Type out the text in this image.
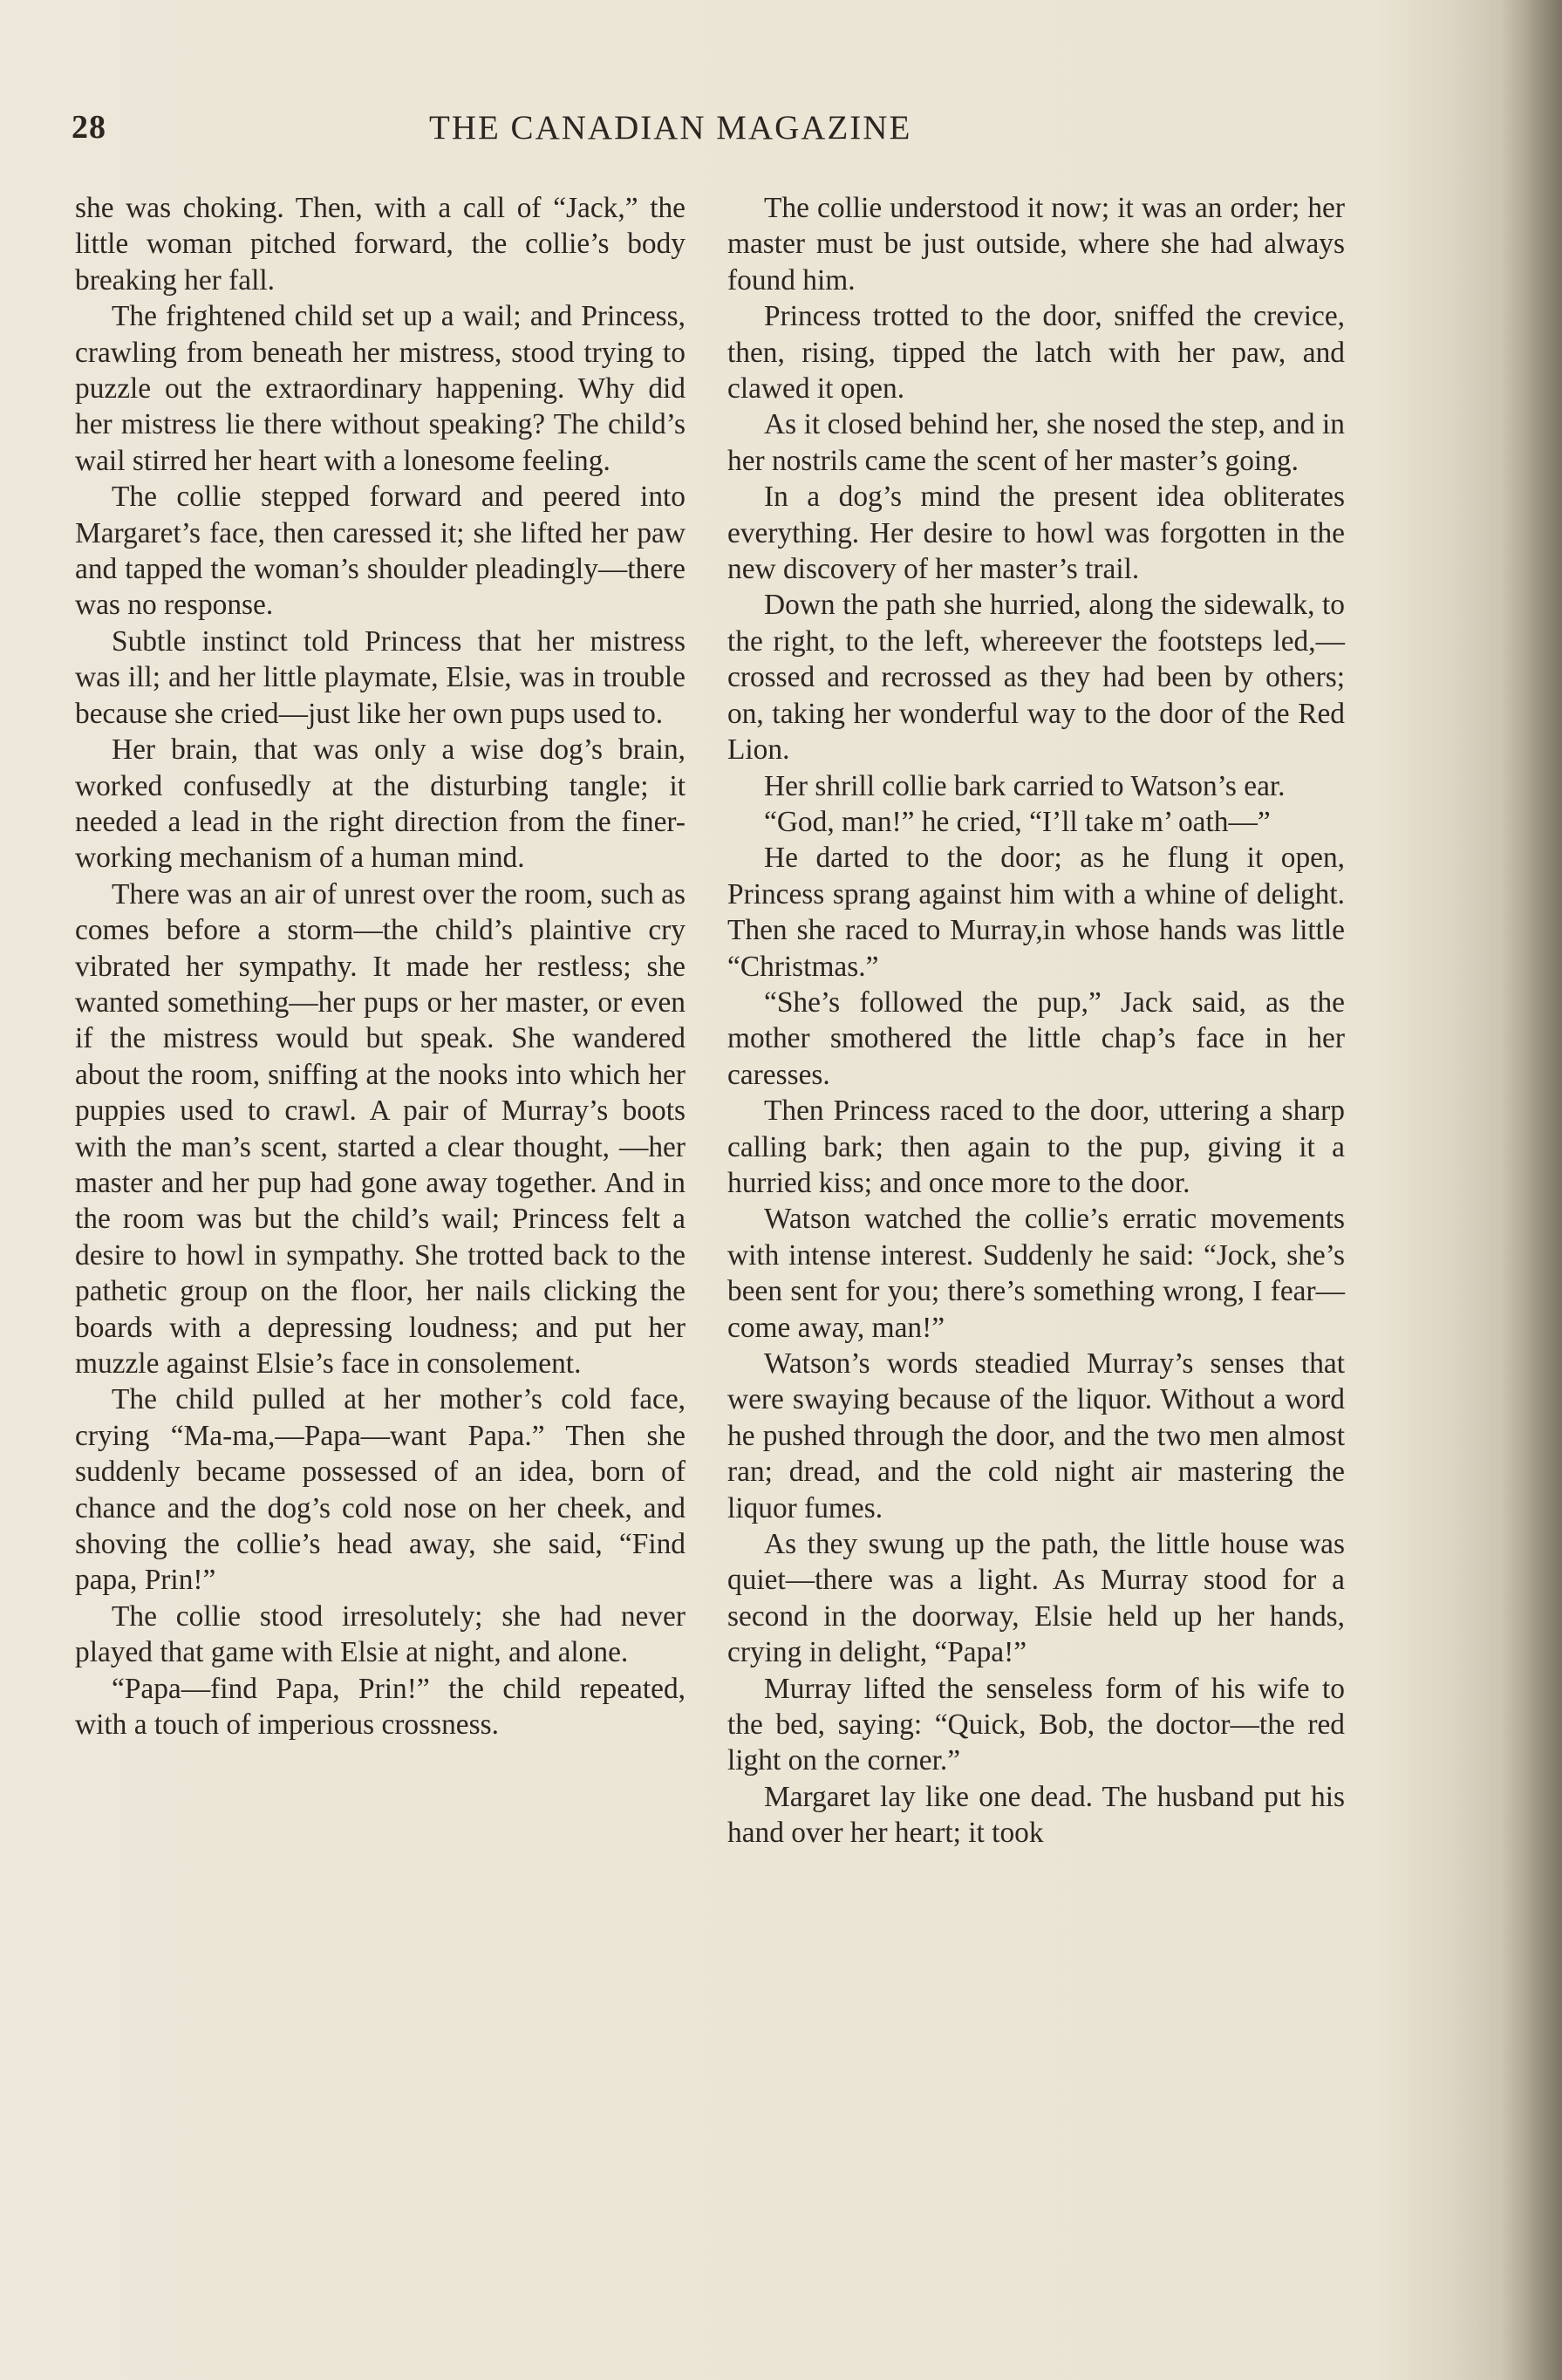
28	THE CANADIAN MAGAZINE

she was choking. Then, with a call of “Jack,” the little woman pitched forward, the collie’s body breaking her fall.

The frightened child set up a wail; and Princess, crawling from beneath her mistress, stood trying to puzzle out the extraordinary happening. Why did her mistress lie there without speaking? The child’s wail stirred her heart with a lonesome feeling.

The collie stepped forward and peered into Margaret’s face, then caressed it; she lifted her paw and tapped the woman’s shoulder pleadingly—there was no response.

Subtle instinct told Princess that her mistress was ill; and her little playmate, Elsie, was in trouble because she cried—just like her own pups used to.

Her brain, that was only a wise dog’s brain, worked confusedly at the disturbing tangle; it needed a lead in the right direction from the finer-working mechanism of a human mind.

There was an air of unrest over the room, such as comes before a storm—the child’s plaintive cry vibrated her sympathy. It made her restless; she wanted something—her pups or her master, or even if the mistress would but speak. She wandered about the room, sniffing at the nooks into which her puppies used to crawl. A pair of Murray’s boots with the man’s scent, started a clear thought, —her master and her pup had gone away together. And in the room was but the child’s wail; Princess felt a desire to howl in sympathy. She trotted back to the pathetic group on the floor, her nails clicking the boards with a depressing loudness; and put her muzzle against Elsie’s face in consolement.

The child pulled at her mother’s cold face, crying “Ma-ma,—Papa—want Papa.” Then she suddenly became possessed of an idea, born of chance and the dog’s cold nose on her cheek, and shoving the collie’s head away, she said, “Find papa, Prin!”

The collie stood irresolutely; she had never played that game with Elsie at night, and alone.

“Papa—find Papa, Prin!” the child repeated, with a touch of imperious crossness.

The collie understood it now; it was an order; her master must be just outside, where she had always found him.

Princess trotted to the door, sniffed the crevice, then, rising, tipped the latch with her paw, and clawed it open.

As it closed behind her, she nosed the step, and in her nostrils came the scent of her master’s going.

In a dog’s mind the present idea obliterates everything. Her desire to howl was forgotten in the new discovery of her master’s trail.

Down the path she hurried, along the sidewalk, to the right, to the left, whereever the footsteps led,—crossed and recrossed as they had been by others; on, taking her wonderful way to the door of the Red Lion.

Her shrill collie bark carried to Watson’s ear.

“God, man!” he cried, “I’ll take m’ oath—”

He darted to the door; as he flung it open, Princess sprang against him with a whine of delight. Then she raced to Murray,in whose hands was little “Christmas.”

“She’s followed the pup,” Jack said, as the mother smothered the little chap’s face in her caresses.

Then Princess raced to the door, uttering a sharp calling bark; then again to the pup, giving it a hurried kiss; and once more to the door.

Watson watched the collie’s erratic movements with intense interest. Suddenly he said: “Jock, she’s been sent for you; there’s something wrong, I fear—come away, man!”

Watson’s words steadied Murray’s senses that were swaying because of the liquor. Without a word he pushed through the door, and the two men almost ran; dread, and the cold night air mastering the liquor fumes.

As they swung up the path, the little house was quiet—there was a light. As Murray stood for a second in the doorway, Elsie held up her hands, crying in delight, “Papa!”

Murray lifted the senseless form of his wife to the bed, saying: “Quick, Bob, the doctor—the red light on the corner.”

Margaret lay like one dead. The husband put his hand over her heart; it took
